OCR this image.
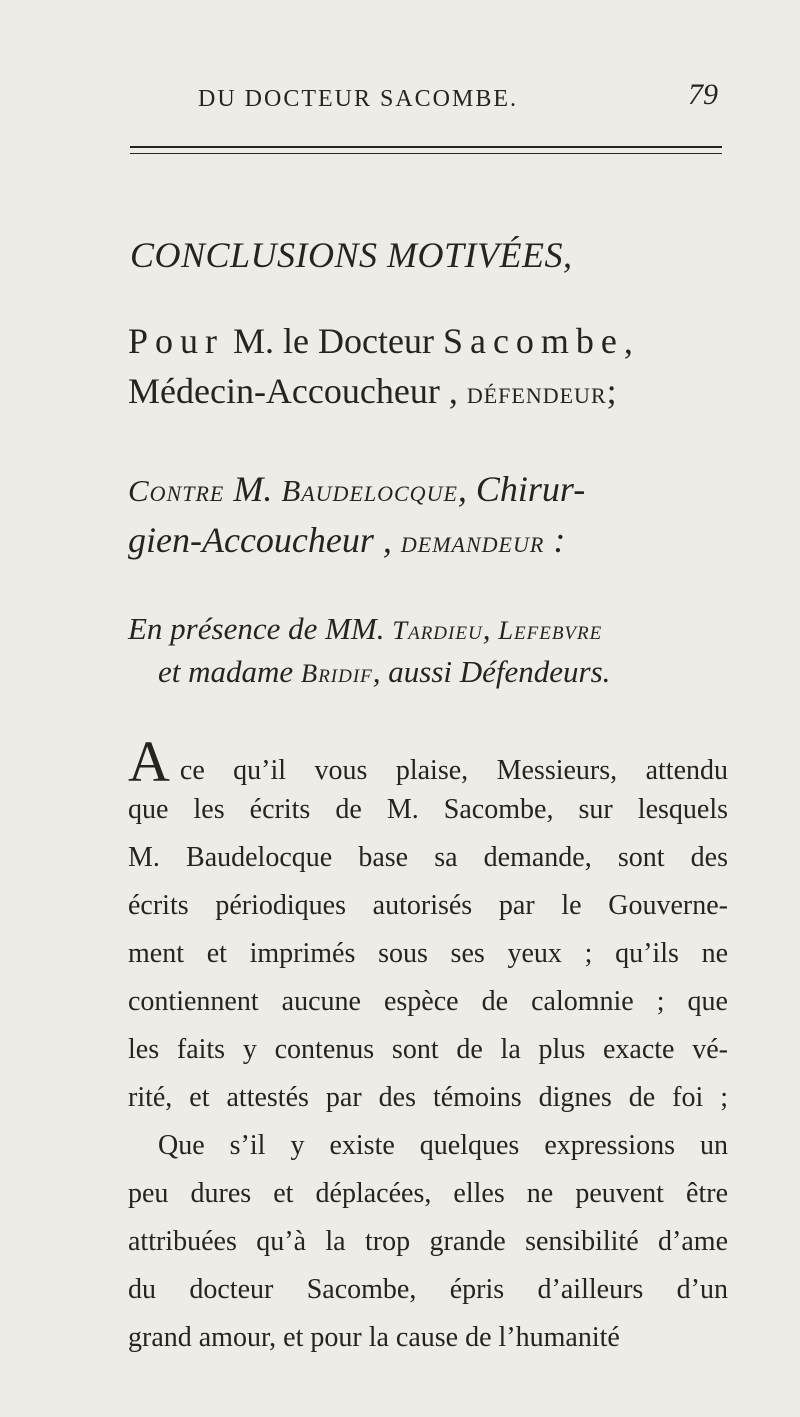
DU DOCTEUR SACOMBE.	79
CONCLUSIONS MOTIVÉES,
Pour M. le Docteur Sacombe,
Médecin-Accoucheur , défendeur;
Contre M. Baudelocque, Chirur-
gien-Accoucheur , demandeur :
En présence de MM. Tardieu, Lefebvre
et madame Bridif, aussi Défendeurs.
Ace qu’il vous plaise, Messieurs, attendu
que les écrits de M. Sacombe, sur lesquels
M. Baudelocque base sa demande, sont des
écrits périodiques autorisés par le Gouverne-
ment et imprimés sous ses yeux ; qu’ils ne
contiennent aucune espèce de calomnie ; que
les faits y contenus sont de la plus exacte vé-
rité, et attestés par des témoins dignes de foi ;
Que s’il y existe quelques expressions un
peu dures et déplacées, elles ne peuvent être
attribuées qu’à la trop grande sensibilité d’ame
du docteur Sacombe, épris d’ailleurs d’un
grand amour, et pour la cause de l’humanité
